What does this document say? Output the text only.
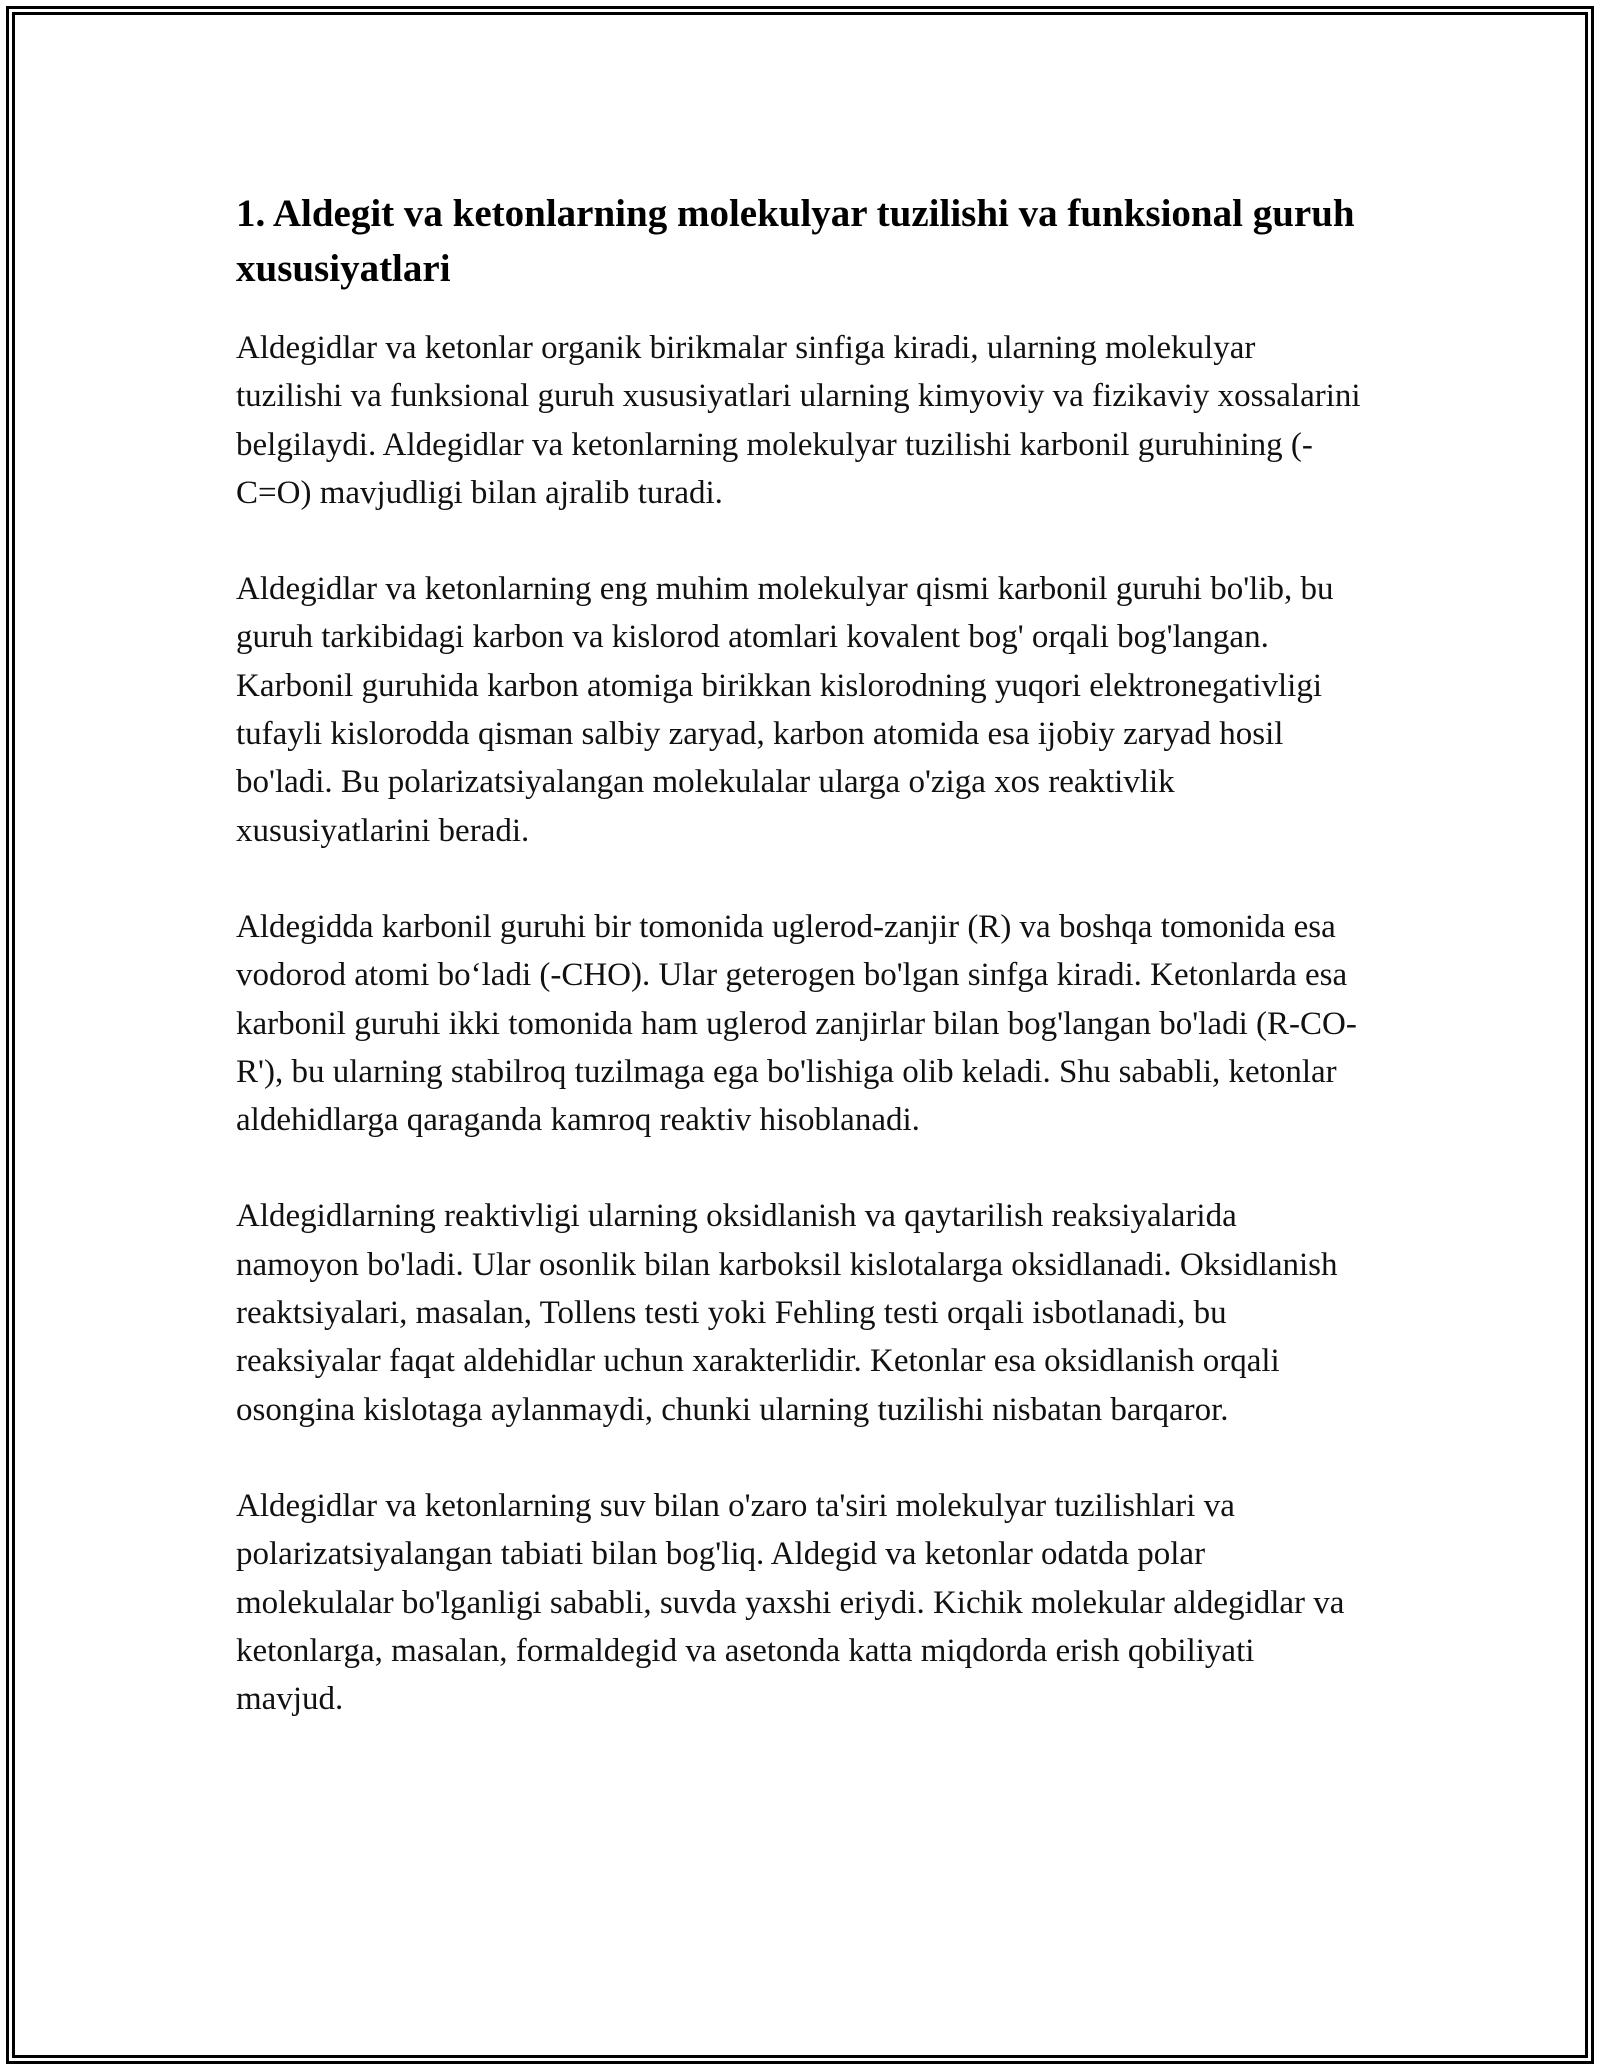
1. Aldegit va ketonlarning molekulyar tuzilishi va funksional guruh xususiyatlari

Aldegidlar va ketonlar organik birikmalar sinfiga kiradi, ularning molekulyar tuzilishi va funksional guruh xususiyatlari ularning kimyoviy va fizikaviy xossalarini belgilaydi. Aldegidlar va ketonlarning molekulyar tuzilishi karbonil guruhining (-C=O) mavjudligi bilan ajralib turadi.

Aldegidlar va ketonlarning eng muhim molekulyar qismi karbonil guruhi bo'lib, bu guruh tarkibidagi karbon va kislorod atomlari kovalent bog' orqali bog'langan. Karbonil guruhida karbon atomiga birikkan kislorodning yuqori elektronegativligi tufayli kislorodda qisman salbiy zaryad, karbon atomida esa ijobiy zaryad hosil bo'ladi. Bu polarizatsiyalangan molekulalar ularga o'ziga xos reaktivlik xususiyatlarini beradi.

Aldegidda karbonil guruhi bir tomonida uglerod-zanjir (R) va boshqa tomonida esa vodorod atomi bo‘ladi (-CHO). Ular geterogen bo'lgan sinfga kiradi. Ketonlarda esa karbonil guruhi ikki tomonida ham uglerod zanjirlar bilan bog'langan bo'ladi (R-CO-R'), bu ularning stabilroq tuzilmaga ega bo'lishiga olib keladi. Shu sababli, ketonlar aldehidlarga qaraganda kamroq reaktiv hisoblanadi.

Aldegidlarning reaktivligi ularning oksidlanish va qaytarilish reaksiyalarida namoyon bo'ladi. Ular osonlik bilan karboksil kislotalarga oksidlanadi. Oksidlanish reaktsiyalari, masalan, Tollens testi yoki Fehling testi orqali isbotlanadi, bu reaksiyalar faqat aldehidlar uchun xarakterlidir. Ketonlar esa oksidlanish orqali osongina kislotaga aylanmaydi, chunki ularning tuzilishi nisbatan barqaror.

Aldegidlar va ketonlarning suv bilan o'zaro ta'siri molekulyar tuzilishlari va polarizatsiyalangan tabiati bilan bog'liq. Aldegid va ketonlar odatda polar molekulalar bo'lganligi sababli, suvda yaxshi eriydi. Kichik molekular aldegidlar va ketonlarga, masalan, formaldegid va asetonda katta miqdorda erish qobiliyati mavjud.
